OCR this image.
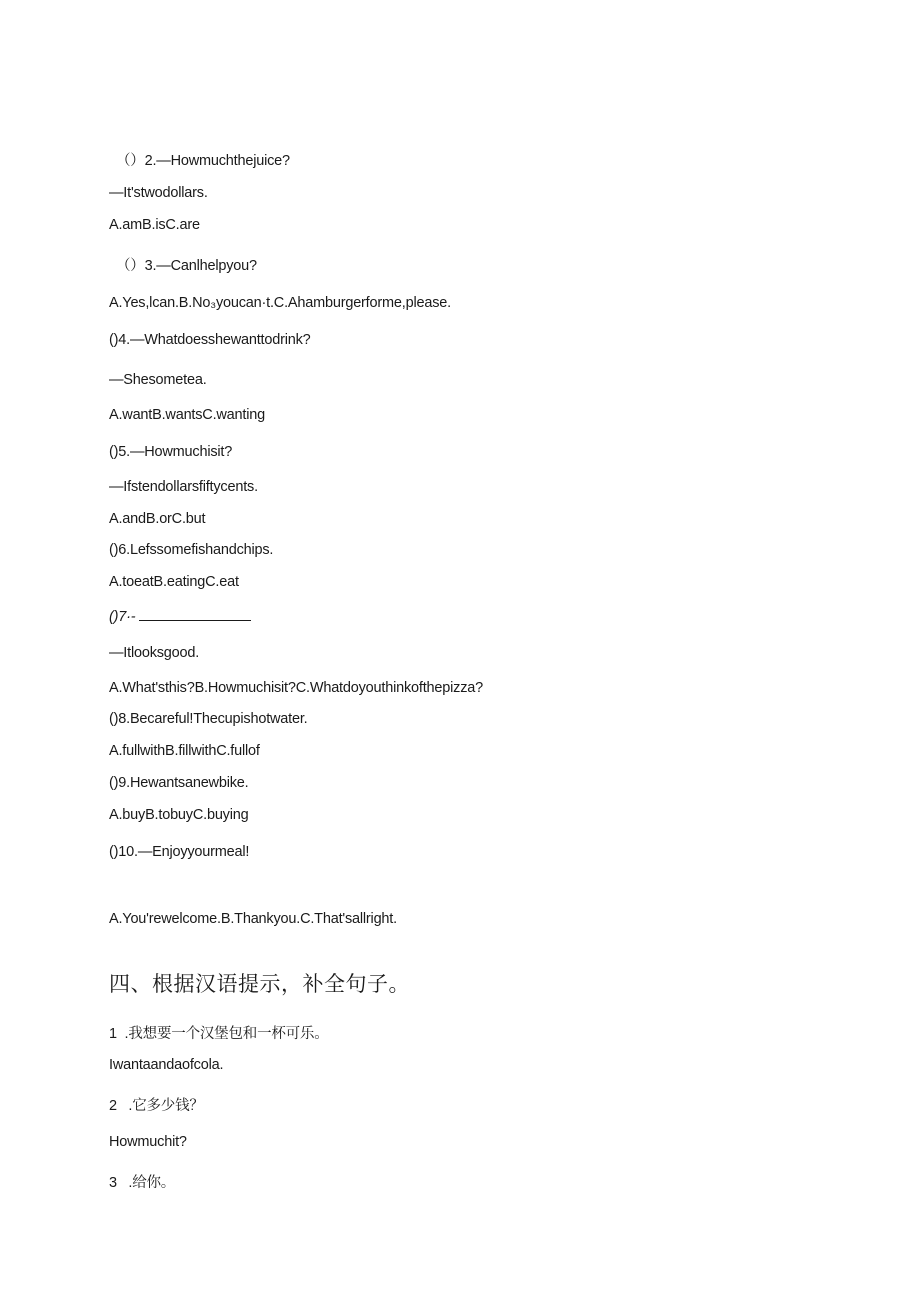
（）2.—Howmuchthejuice?
—It'stwodollars.
A.amB.isC.are
（）3.—Canlhelpyou?
A.Yes,lcan.B.No₃youcan·t.C.Ahamburgerforme,please.
()4.—Whatdoesshewanttodrink?
—Shesometea.
A.wantB.wantsC.wanting
()5.—Howmuchisit?
—Ifstendollarsfiftycents.
A.andB.orC.but
()6.Lefssomefishandchips.
A.toeatB.eatingC.eat
()7·-
—Itlooksgood.
A.What'sthis?B.Howmuchisit?C.Whatdoyouthinkofthepizza?
()8.Becareful!Thecupishotwater.
A.fullwithB.fillwithC.fullof
()9.Hewantsanewbike.
A.buyB.tobuyC.buying
()10.—Enjoyyourmeal!
A.You'rewelcome.B.Thankyou.C.That'sallright.
四、根据汉语提示，补全句子。
1 .我想要一个汉堡包和一杯可乐。
Iwantaandaofcola.
2 .它多少钱？
Howmuchit?
3 .给你。
